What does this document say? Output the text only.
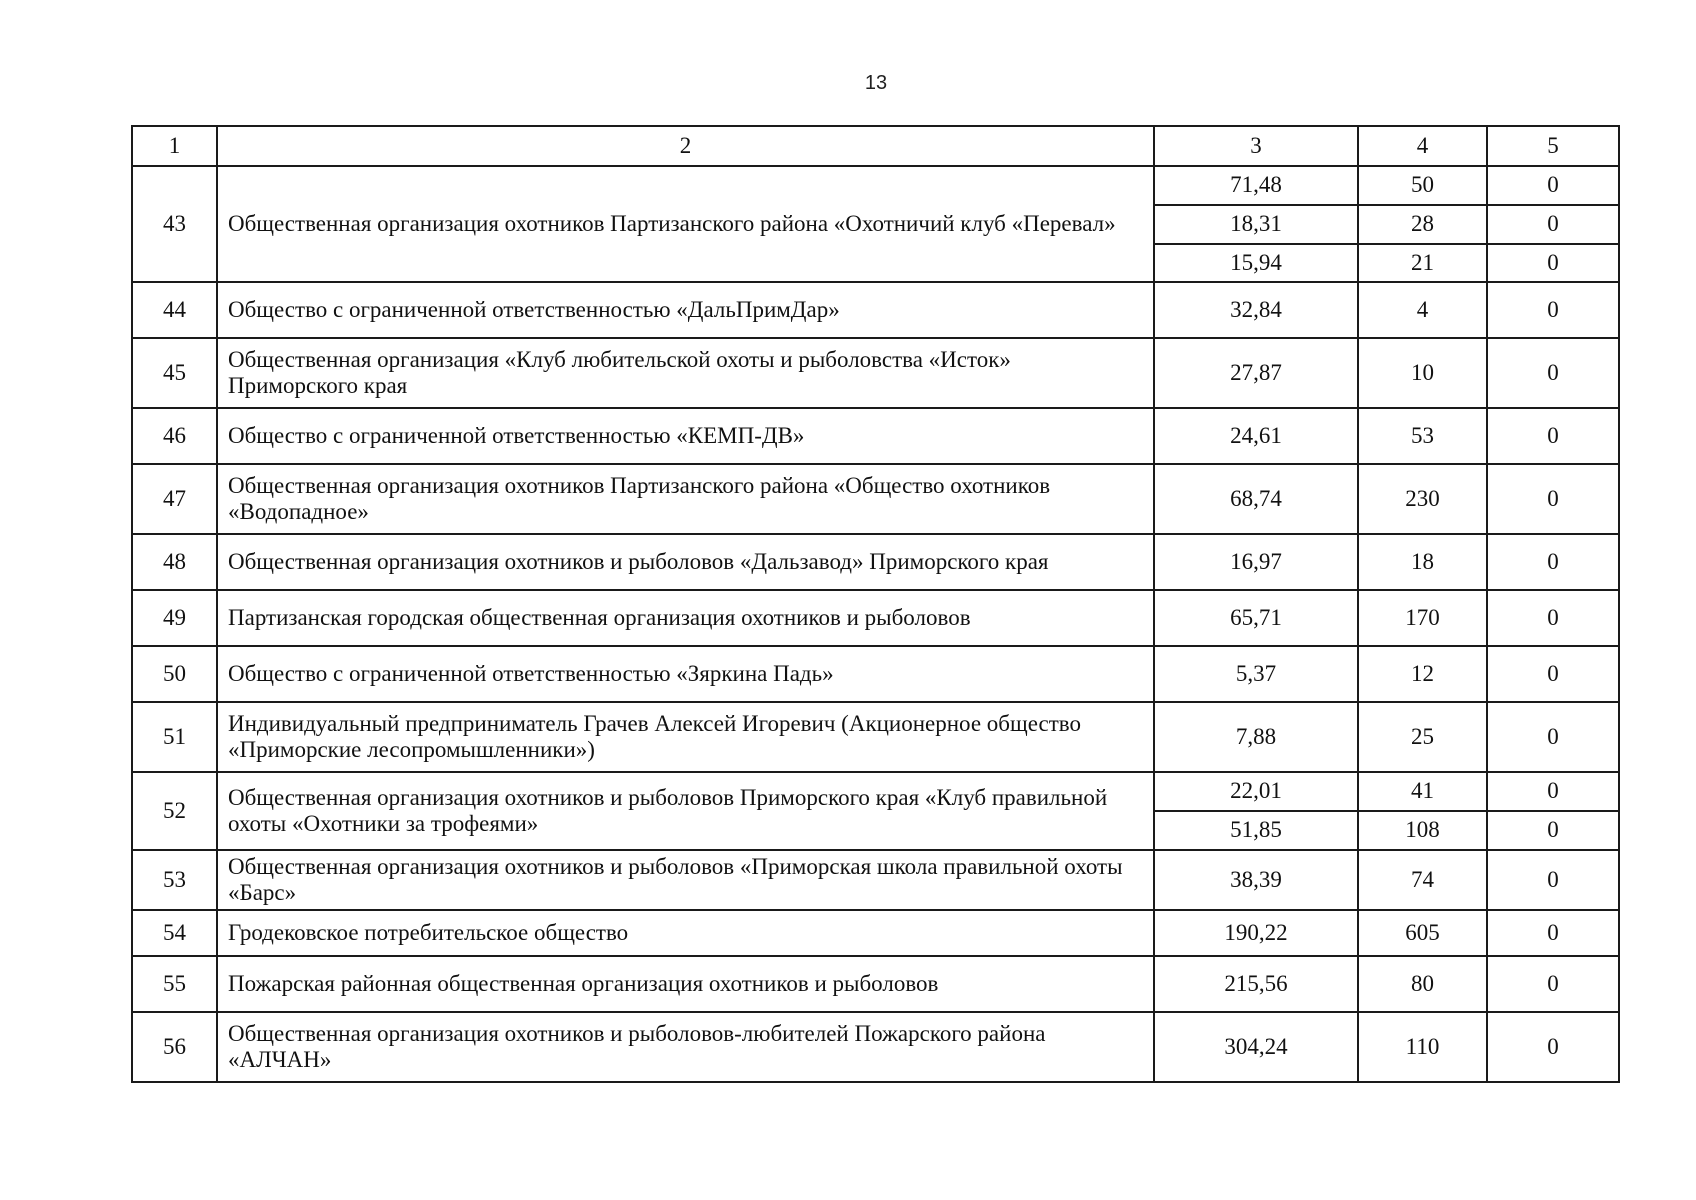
13
1	2	3	4	5
43	Общественная организация охотников Партизанского района «Охотничий клуб «Перевал»	71,48	50	0
		18,31	28	0
		15,94	21	0
44	Общество с ограниченной ответственностью «ДальПримДар»	32,84	4	0
45	Общественная организация «Клуб любительской охоты и рыболовства «Исток» Приморского края	27,87	10	0
46	Общество с ограниченной ответственностью «КЕМП-ДВ»	24,61	53	0
47	Общественная организация охотников Партизанского района «Общество охотников «Водопадное»	68,74	230	0
48	Общественная организация охотников и рыболовов «Дальзавод» Приморского края	16,97	18	0
49	Партизанская городская общественная организация охотников и рыболовов	65,71	170	0
50	Общество с ограниченной ответственностью «Зяркина Падь»	5,37	12	0
51	Индивидуальный предприниматель Грачев Алексей Игоревич (Акционерное общество «Приморские лесопромышленники»)	7,88	25	0
52	Общественная организация охотников и рыболовов Приморского края «Клуб правильной охоты «Охотники за трофеями»	22,01	41	0
		51,85	108	0
53	Общественная организация охотников и рыболовов «Приморская школа правильной охоты «Барс»	38,39	74	0
54	Гродековское потребительское общество	190,22	605	0
55	Пожарская районная общественная организация охотников и рыболовов	215,56	80	0
56	Общественная организация охотников и рыболовов-любителей Пожарского района «АЛЧАН»	304,24	110	0
